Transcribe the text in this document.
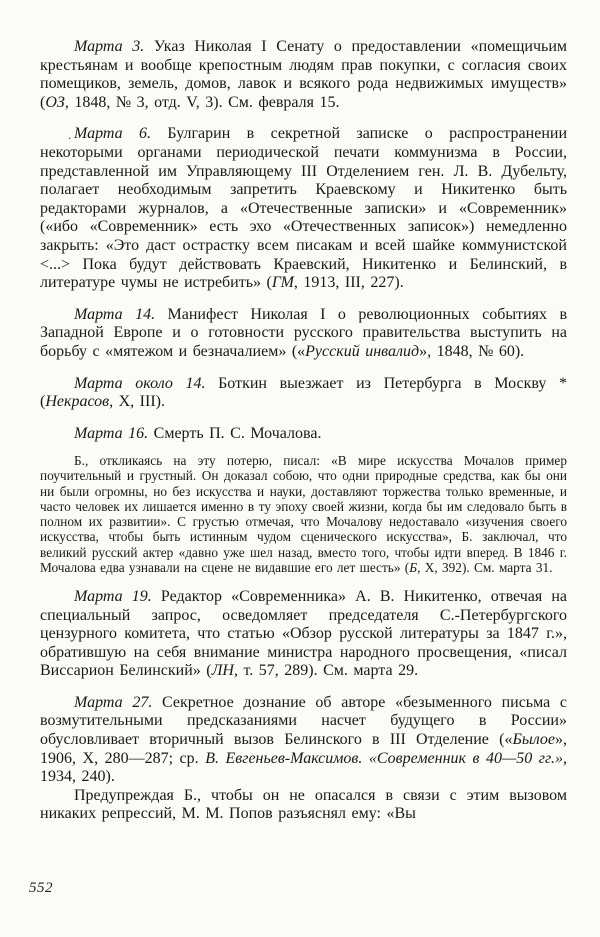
Марта 3. Указ Николая I Сенату о предоставлении «помещичьим крестьянам и вообще крепостным людям прав покупки, с согласия своих помещиков, земель, домов, лавок и всякого рода недвижимых имуществ» (ОЗ, 1848, № 3, отд. V, 3). См. февраля 15.

. Марта 6. Булгарин в секретной записке о распространении некоторыми органами периодической печати коммунизма в России, представленной им Управляющему III Отделением ген. Л. В. Дубельту, полагает необходимым запретить Краевскому и Никитенко быть редакторами журналов, а «Отечественные записки» и «Современник» («ибо «Современник» есть эхо «Отечественных записок») немедленно закрыть: «Это даст острастку всем писакам и всей шайке коммунистской <...> Пока будут действовать Краевский, Никитенко и Белинский, в литературе чумы не истребить» (ГМ, 1913, III, 227).

Марта 14. Манифест Николая I о революционных событиях в Западной Европе и о готовности русского правительства выступить на борьбу с «мятежом и безначалием» («Русский инвалид», 1848, № 60).

Марта около 14. Боткин выезжает из Петербурга в Москву * (Некрасов, X, III).

Марта 16. Смерть П. С. Мочалова.

Б., откликаясь на эту потерю, писал: «В мире искусства Мочалов пример поучительный и грустный. Он доказал собою, что одни природные средства, как бы они ни были огромны, но без искусства и науки, доставляют торжества только временные, и часто человек их лишается именно в ту эпоху своей жизни, когда бы им следовало быть в полном их развитии». С грустью отмечая, что Мочалову недоставало «изучения своего искусства, чтобы быть истинным чудом сценического искусства», Б. заключал, что великий русский актер «давно уже шел назад, вместо того, чтобы идти вперед. В 1846 г. Мочалова едва узнавали на сцене не видавшие его лет шесть» (Б, X, 392). См. марта 31.

Марта 19. Редактор «Современника» А. В. Никитенко, отвечая на специальный запрос, осведомляет председателя С.-Петербургского цензурного комитета, что статью «Обзор русской литературы за 1847 г.», обратившую на себя внимание министра народного просвещения, «писал Виссарион Белинский» (ЛН, т. 57, 289). См. марта 29.

Марта 27. Секретное дознание об авторе «безыменного письма с возмутительными предсказаниями насчет будущего в России» обусловливает вторичный вызов Белинского в III Отделение («Былое», 1906, X, 280—287; ср. В. Евгеньев-Максимов. «Современник в 40—50 гг.», 1934, 240).

Предупреждая Б., чтобы он не опасался в связи с этим вызовом никаких репрессий, М. М. Попов разъяснял ему: «Вы

552
